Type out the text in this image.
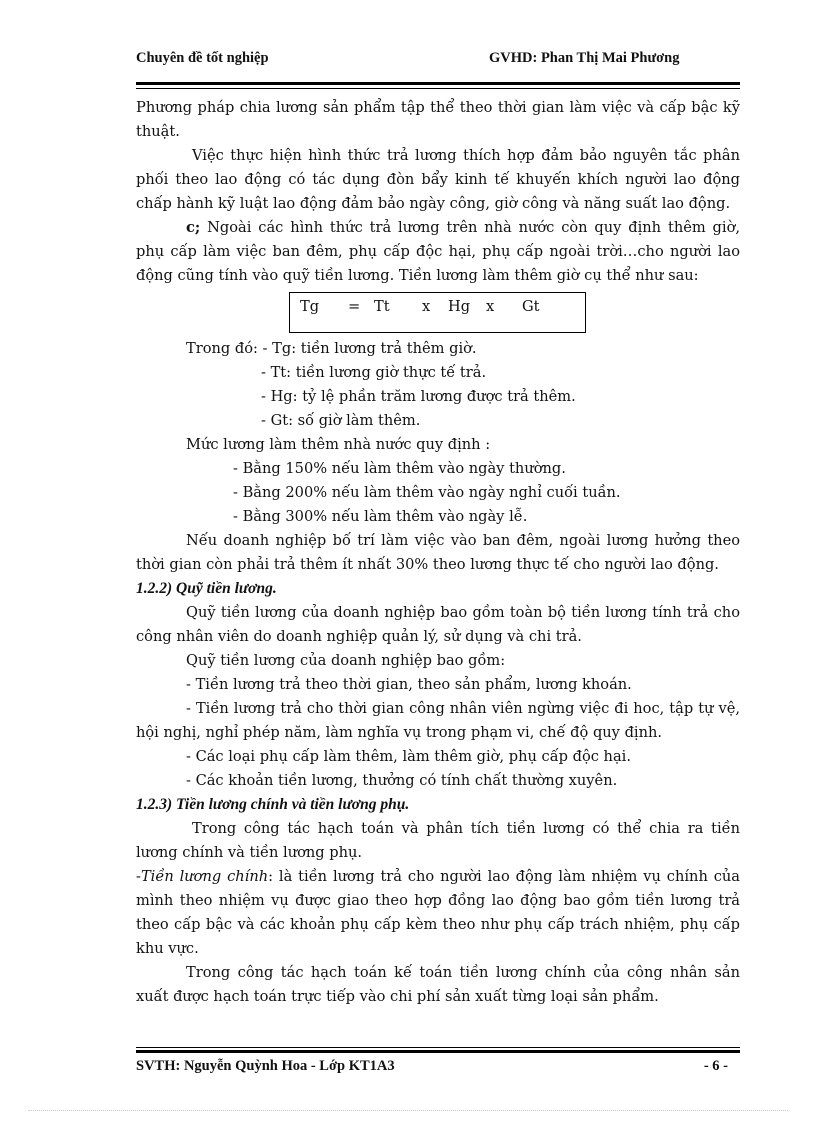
Chuyên đề tốt nghiệp	GVHD: Phan Thị Mai Phương

Phương pháp chia lương sản phẩm tập thể theo thời gian làm việc và cấp bậc kỹ thuật.

Việc thực hiện hình thức trả lương thích hợp đảm bảo nguyên tắc phân phối theo lao động có tác dụng đòn bẩy kinh tế khuyến khích người lao động chấp hành kỹ luật lao động đảm bảo ngày công, giờ công và năng suất lao động.

c; Ngoài các hình thức trả lương trên nhà nước còn quy định thêm giờ, phụ cấp làm việc ban đêm, phụ cấp độc hại, phụ cấp ngoài trời…cho người lao động cũng tính vào quỹ tiền lương. Tiền lương làm thêm giờ cụ thể như sau:

Tg = Tt x Hg x Gt

Trong đó: - Tg: tiền lương trả thêm giờ.

- Tt: tiền lương giờ thực tế trả.

- Hg: tỷ lệ phần trăm lương được trả thêm.

- Gt: số giờ làm thêm.

Mức lương làm thêm nhà nước quy định :

- Bằng 150% nếu làm thêm vào ngày thường.

- Bằng 200% nếu làm thêm vào ngày nghỉ cuối tuần.

- Bằng 300% nếu làm thêm vào ngày lễ.

Nếu doanh nghiệp bố trí làm việc vào ban đêm, ngoài lương hưởng theo thời gian còn phải trả thêm ít nhất 30% theo lương thực tế cho người lao động.

1.2.2) Quỹ tiền lương.

Quỹ tiền lương của doanh nghiệp bao gồm toàn bộ tiền lương tính trả cho công nhân viên do doanh nghiệp quản lý, sử dụng và chi trả.

Quỹ tiền lương của doanh nghiệp bao gồm:

- Tiền lương trả theo thời gian, theo sản phẩm, lương khoán.

- Tiền lương trả cho thời gian công nhân viên ngừng việc đi hoc, tập tự vệ, hội nghị, nghỉ phép năm, làm nghĩa vụ trong phạm vi, chế độ quy định.

- Các loại phụ cấp làm thêm, làm thêm giờ, phụ cấp độc hại.

- Các khoản tiền lương, thưởng có tính chất thường xuyên.

1.2.3) Tiền lương chính và tiền lương phụ.

Trong công tác hạch toán và phân tích tiền lương có thể chia ra tiền lương chính và tiền lương phụ.

-Tiền lương chính: là tiền lương trả cho người lao động làm nhiệm vụ chính của mình theo nhiệm vụ được giao theo hợp đồng lao động bao gồm tiền lương trả theo cấp bậc và các khoản phụ cấp kèm theo như phụ cấp trách nhiệm, phụ cấp khu vực.

Trong công tác hạch toán kế toán tiền lương chính của công nhân sản xuất được hạch toán trực tiếp vào chi phí sản xuất từng loại sản phẩm.

SVTH: Nguyễn Quỳnh Hoa - Lớp KT1A3	- 6 -
